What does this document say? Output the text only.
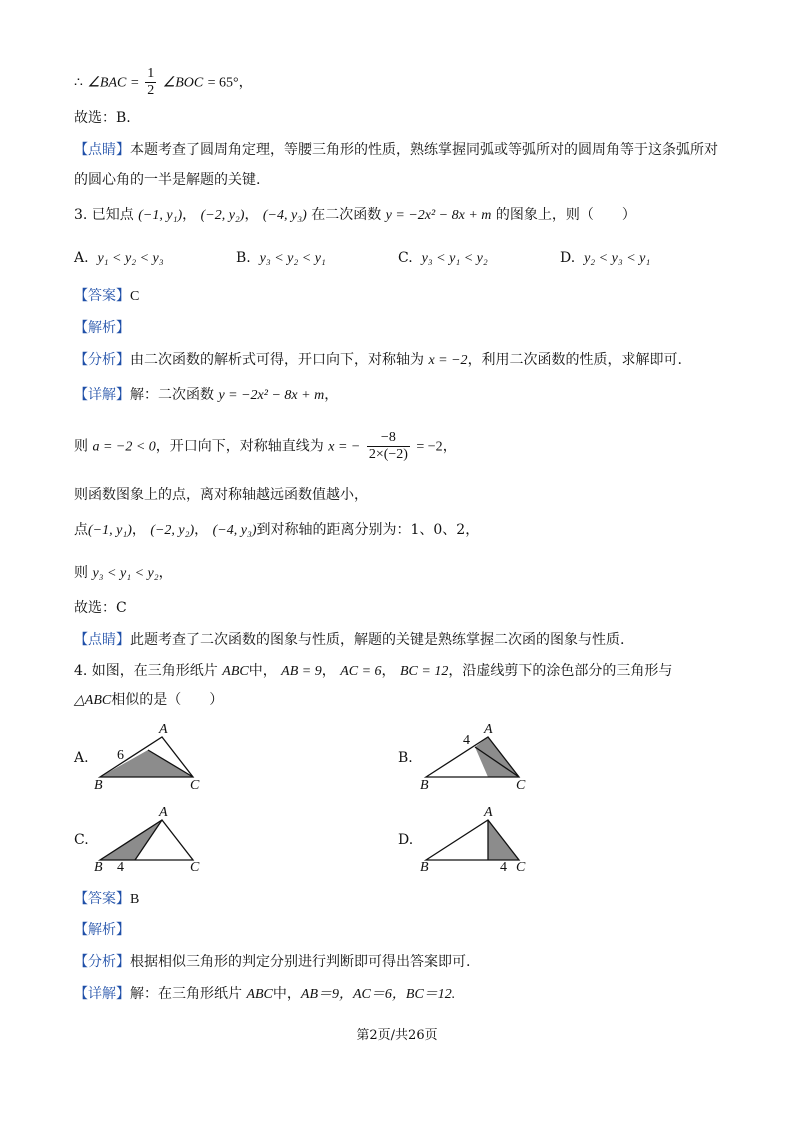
∴ ∠BAC = $\frac{1}{2}$ ∠BOC = 65°，
故选：B.
【点睛】本题考查了圆周角定理，等腰三角形的性质，熟练掌握同弧或等弧所对的圆周角等于这条弧所对
的圆心角的一半是解题的关键.
3. 已知点 (−1, y₁)， (−2, y₂)， (−4, y₃) 在二次函数 y = −2x² − 8x + m 的图象上，则（　　）
A. y₁ < y₂ < y₃	B. y₃ < y₂ < y₁	C. y₃ < y₁ < y₂	D. y₂ < y₃ < y₁
【答案】C
【解析】
【分析】由二次函数的解析式可得，开口向下，对称轴为 x = −2，利用二次函数的性质，求解即可.
【详解】解：二次函数 y = −2x² − 8x + m，
则 a = −2 < 0，开口向下，对称轴直线为 x = − $\frac{-8}{2\times(-2)} = -2$，
则函数图象上的点，离对称轴越远函数值越小，
点(−1, y₁)， (−2, y₂)， (−4, y₃)到对称轴的距离分别为：1、0、2，
则 y₃ < y₁ < y₂，
故选：C
【点睛】此题考查了二次函数的图象与性质，解题的关键是熟练掌握二次函的图象与性质.
4. 如图，在三角形纸片 ABC中， AB = 9， AC = 6， BC = 12，沿虚线剪下的涂色部分的三角形与
△ABC相似的是（　　）
A.
A
B	C
6	B.
A
B	C
4
C.
A
B	C
4
D.
A
B	C
4
【答案】B
【解析】
【分析】根据相似三角形的判定分别进行判断即可得出答案即可.
【详解】解：在三角形纸片 ABC中，AB＝9，AC＝6，BC＝12.
第2页/共26页
